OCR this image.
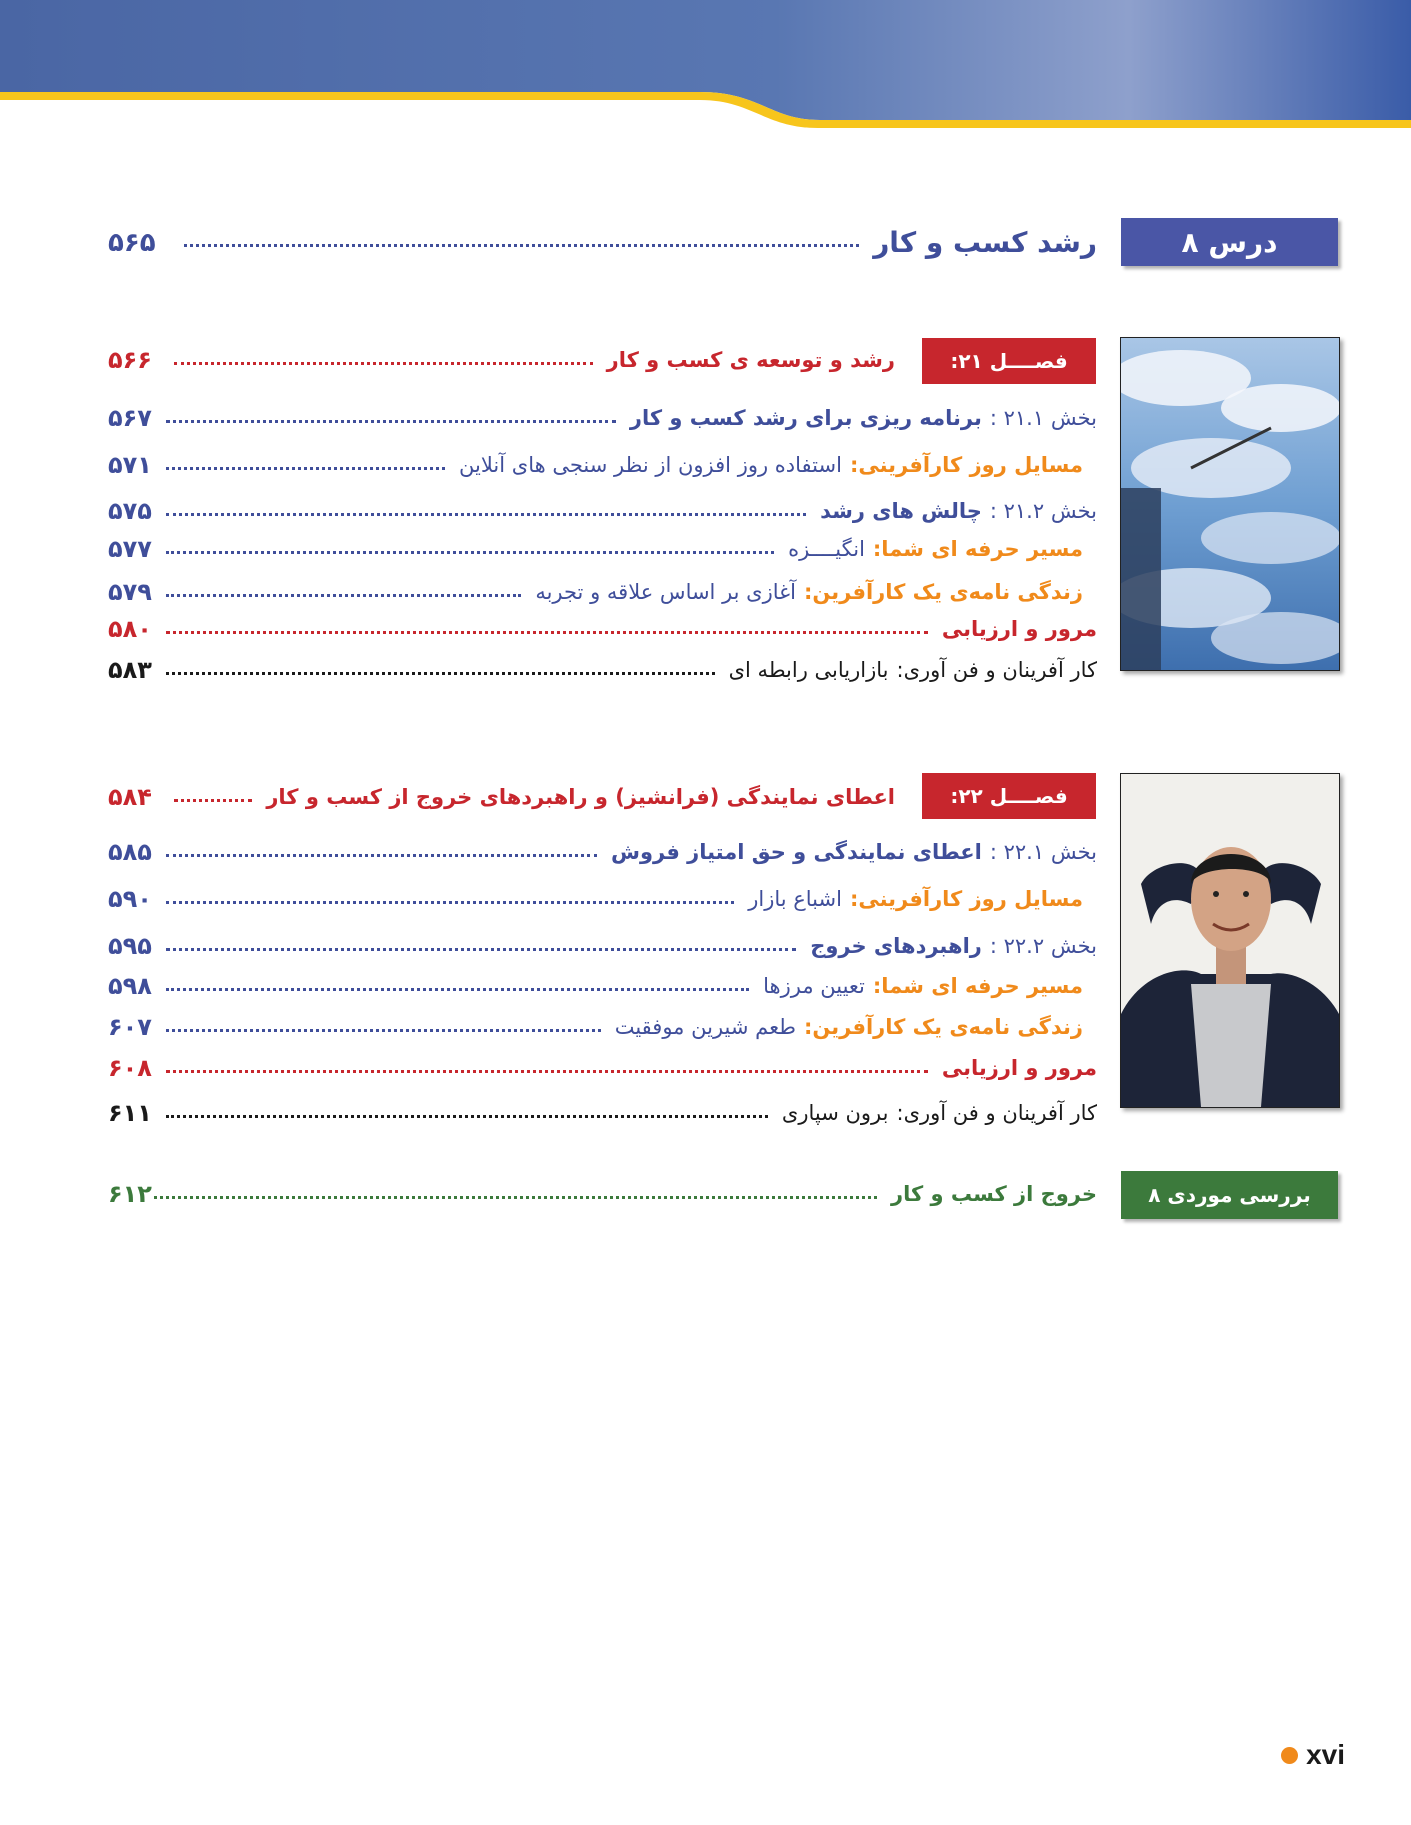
درس ۸
رشد کسب و کار
۵۶۵
فصــــل ۲۱:
رشد و توسعه ی کسب و کار
۵۶۶
بخش ۲۱.۱ :
برنامه ریزی برای رشد کسب و کار
۵۶۷
مسایل روز کارآفرینی:
استفاده روز افزون از نظر سنجی های آنلاین
۵۷۱
بخش ۲۱.۲ :
چالش های رشد
۵۷۵
مسیر حرفه ای شما:
انگیــــزه
۵۷۷
زندگی نامه‌ی یک کارآفرین:
آغازی بر اساس علاقه و تجربه
۵۷۹
مرور و ارزیابی
۵۸۰
کار آفرینان و فن آوری:
بازاریابی رابطه ای
۵۸۳
فصــــل ۲۲:
اعطای نمایندگی (فرانشیز) و راهبردهای خروج از کسب و کار
۵۸۴
بخش ۲۲.۱ :
اعطای نمایندگی و حق امتیاز فروش
۵۸۵
مسایل روز کارآفرینی:
اشباع بازار
۵۹۰
بخش ۲۲.۲ :
راهبردهای خروج
۵۹۵
مسیر حرفه ای شما:
تعیین مرزها
۵۹۸
زندگی نامه‌ی یک کارآفرین:
طعم شیرین موفقیت
۶۰۷
مرور و ارزیابی
۶۰۸
کار آفرینان و فن آوری:
برون سپاری
۶۱۱
بررسی موردی ۸
خروج از کسب و کار
۶۱۲
xvi
